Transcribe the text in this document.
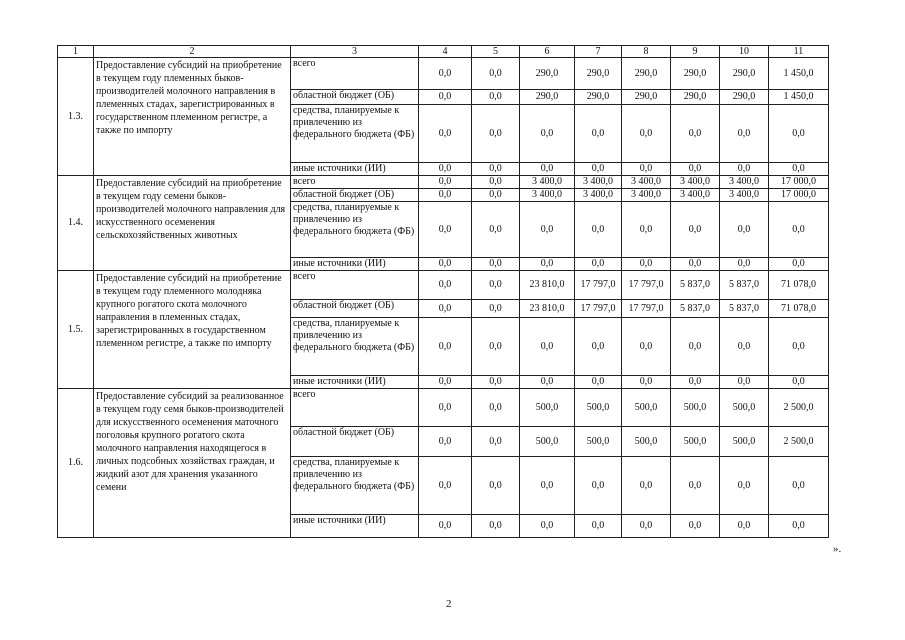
1	2	3	4	5	6	7	8	9	10	11
1.3.	Предоставление субсидий на приобретение в текущем году племенных быков-производителей молочного направления в племенных стадах, зарегистрированных в государственном племенном регистре, а также по импорту	всего	0,0	0,0	290,0	290,0	290,0	290,0	290,0	1 450,0
		областной бюджет (ОБ)	0,0	0,0	290,0	290,0	290,0	290,0	290,0	1 450,0
		средства, планируемые к привлечению из федерального бюджета (ФБ)	0,0	0,0	0,0	0,0	0,0	0,0	0,0	0,0
		иные источники (ИИ)	0,0	0,0	0,0	0,0	0,0	0,0	0,0	0,0
1.4.	Предоставление субсидий на приобретение в текущем году семени быков-производителей молочного направления для искусственного осеменения сельскохозяйственных животных	всего	0,0	0,0	3 400,0	3 400,0	3 400,0	3 400,0	3 400,0	17 000,0
		областной бюджет (ОБ)	0,0	0,0	3 400,0	3 400,0	3 400,0	3 400,0	3 400,0	17 000,0
		средства, планируемые к привлечению из федерального бюджета (ФБ)	0,0	0,0	0,0	0,0	0,0	0,0	0,0	0,0
		иные источники (ИИ)	0,0	0,0	0,0	0,0	0,0	0,0	0,0	0,0
1.5.	Предоставление субсидий на приобретение в текущем году племенного молодняка крупного рогатого скота молочного направления в племенных стадах, зарегистрированных в государственном племенном регистре, а также по импорту	всего	0,0	0,0	23 810,0	17 797,0	17 797,0	5 837,0	5 837,0	71 078,0
		областной бюджет (ОБ)	0,0	0,0	23 810,0	17 797,0	17 797,0	5 837,0	5 837,0	71 078,0
		средства, планируемые к привлечению из федерального бюджета (ФБ)	0,0	0,0	0,0	0,0	0,0	0,0	0,0	0,0
		иные источники (ИИ)	0,0	0,0	0,0	0,0	0,0	0,0	0,0	0,0
1.6.	Предоставление субсидий за реализованное в текущем году семя быков-производителей для искусственного осеменения маточного поголовья крупного рогатого скота молочного направления находящегося в личных подсобных хозяйствах граждан, и жидкий азот для хранения указанного семени	всего	0,0	0,0	500,0	500,0	500,0	500,0	500,0	2 500,0
		областной бюджет (ОБ)	0,0	0,0	500,0	500,0	500,0	500,0	500,0	2 500,0
		средства, планируемые к привлечению из федерального бюджета (ФБ)	0,0	0,0	0,0	0,0	0,0	0,0	0,0	0,0
		иные источники (ИИ)	0,0	0,0	0,0	0,0	0,0	0,0	0,0	0,0
».
2
